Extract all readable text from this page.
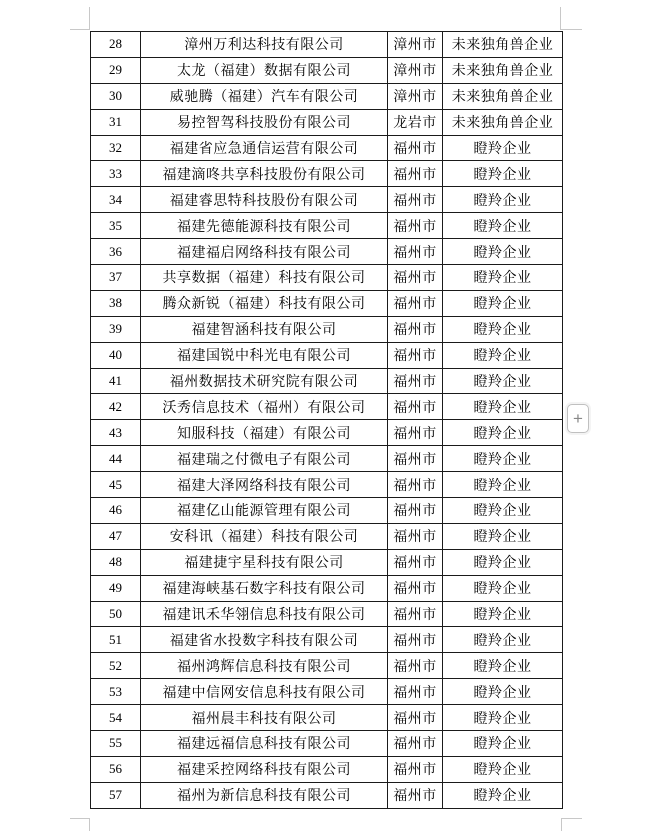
28	漳州万利达科技有限公司	漳州市	未来独角兽企业
29	太龙（福建）数据有限公司	漳州市	未来独角兽企业
30	威驰腾（福建）汽车有限公司	漳州市	未来独角兽企业
31	易控智驾科技股份有限公司	龙岩市	未来独角兽企业
32	福建省应急通信运营有限公司	福州市	瞪羚企业
33	福建滴咚共享科技股份有限公司	福州市	瞪羚企业
34	福建睿思特科技股份有限公司	福州市	瞪羚企业
35	福建先德能源科技有限公司	福州市	瞪羚企业
36	福建福启网络科技有限公司	福州市	瞪羚企业
37	共享数据（福建）科技有限公司	福州市	瞪羚企业
38	腾众新锐（福建）科技有限公司	福州市	瞪羚企业
39	福建智涵科技有限公司	福州市	瞪羚企业
40	福建国锐中科光电有限公司	福州市	瞪羚企业
41	福州数据技术研究院有限公司	福州市	瞪羚企业
42	沃秀信息技术（福州）有限公司	福州市	瞪羚企业
43	知服科技（福建）有限公司	福州市	瞪羚企业
44	福建瑞之付微电子有限公司	福州市	瞪羚企业
45	福建大泽网络科技有限公司	福州市	瞪羚企业
46	福建亿山能源管理有限公司	福州市	瞪羚企业
47	安科讯（福建）科技有限公司	福州市	瞪羚企业
48	福建捷宇星科技有限公司	福州市	瞪羚企业
49	福建海峡基石数字科技有限公司	福州市	瞪羚企业
50	福建讯禾华翎信息科技有限公司	福州市	瞪羚企业
51	福建省水投数字科技有限公司	福州市	瞪羚企业
52	福州鸿辉信息科技有限公司	福州市	瞪羚企业
53	福建中信网安信息科技有限公司	福州市	瞪羚企业
54	福州晨丰科技有限公司	福州市	瞪羚企业
55	福建远福信息科技有限公司	福州市	瞪羚企业
56	福建采控网络科技有限公司	福州市	瞪羚企业
57	福州为新信息科技有限公司	福州市	瞪羚企业
+
